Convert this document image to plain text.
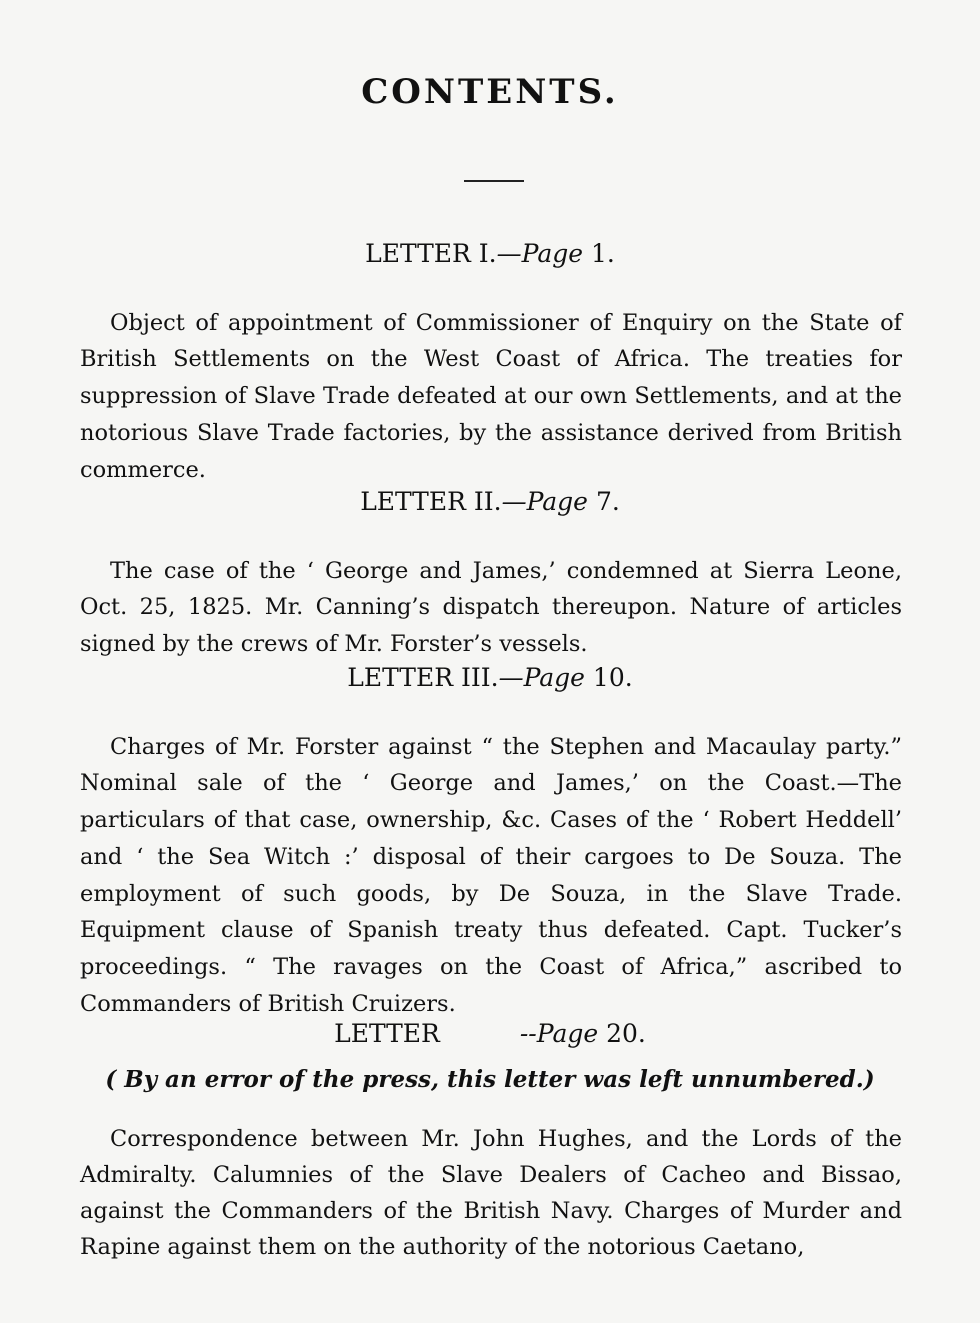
CONTENTS.
LETTER I.—Page 1.

Object of appointment of Commissioner of Enquiry on the State of British Settlements on the West Coast of Africa. The treaties for suppression of Slave Trade defeated at our own Settlements, and at the notorious Slave Trade factories, by the assistance derived from British commerce.

LETTER II.—Page 7.

The case of the ‘ George and James,’ condemned at Sierra Leone, Oct. 25, 1825. Mr. Canning’s dispatch thereupon. Nature of articles signed by the crews of Mr. Forster’s vessels.

LETTER III.—Page 10.

Charges of Mr. Forster against “ the Stephen and Macaulay party.” Nominal sale of the ‘ George and James,’ on the Coast.—The particulars of that case, ownership, &c. Cases of the ‘ Robert Heddell’ and ‘ the Sea Witch :’ disposal of their cargoes to De Souza. The employment of such goods, by De Souza, in the Slave Trade. Equipment clause of Spanish treaty thus defeated. Capt. Tucker’s proceedings. “ The ravages on the Coast of Africa,” ascribed to Commanders of British Cruizers.

LETTER	--Page 20.
( By an error of the press, this letter was left unnumbered.)

Correspondence between Mr. John Hughes, and the Lords of the Admiralty. Calumnies of the Slave Dealers of Cacheo and Bissao, against the Commanders of the British Navy. Charges of Murder and Rapine against them on the authority of the notorious Caetano,
